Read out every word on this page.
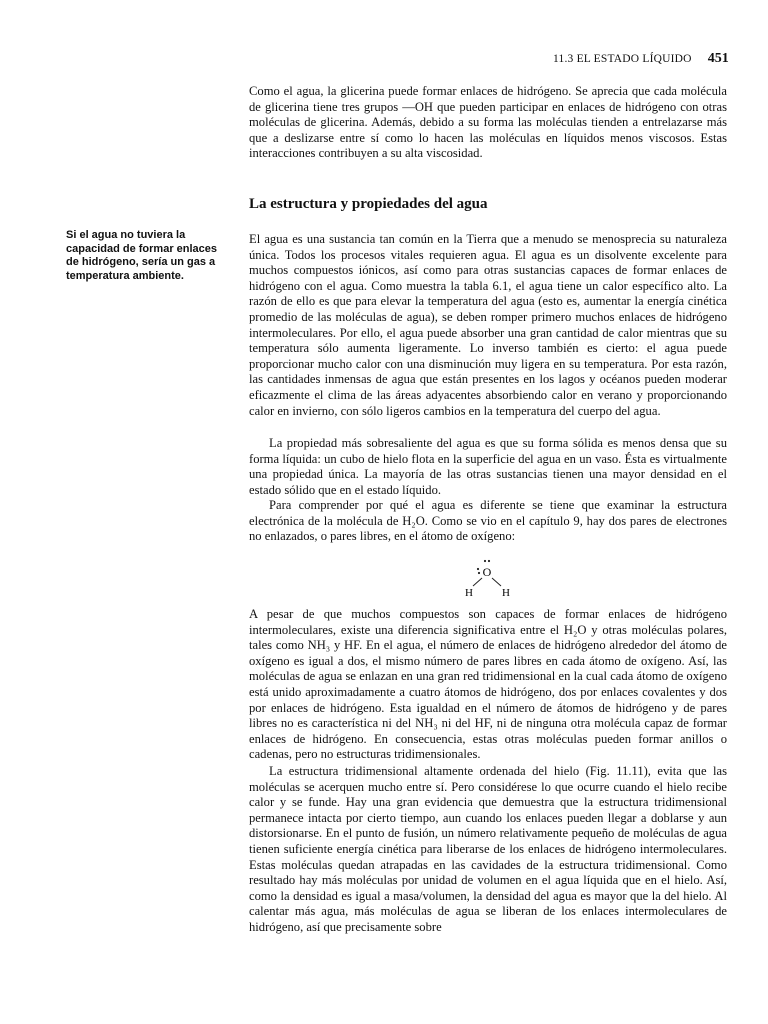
11.3 EL ESTADO LÍQUIDO 451

Como el agua, la glicerina puede formar enlaces de hidrógeno. Se aprecia que cada molécula de glicerina tiene tres grupos —OH que pueden participar en enlaces de hidrógeno con otras moléculas de glicerina. Además, debido a su forma las moléculas tienden a entrelazarse más que a deslizarse entre sí como lo hacen las moléculas en líquidos menos viscosos. Estas interacciones contribuyen a su alta viscosidad.

La estructura y propiedades del agua

Si el agua no tuviera la capacidad de formar enlaces de hidrógeno, sería un gas a temperatura ambiente.

El agua es una sustancia tan común en la Tierra que a menudo se menosprecia su naturaleza única. Todos los procesos vitales requieren agua. El agua es un disolvente excelente para muchos compuestos iónicos, así como para otras sustancias capaces de formar enlaces de hidrógeno con el agua. Como muestra la tabla 6.1, el agua tiene un calor específico alto. La razón de ello es que para elevar la temperatura del agua (esto es, aumentar la energía cinética promedio de las moléculas de agua), se deben romper primero muchos enlaces de hidrógeno intermoleculares. Por ello, el agua puede absorber una gran cantidad de calor mientras que su temperatura sólo aumenta ligeramente. Lo inverso también es cierto: el agua puede proporcionar mucho calor con una disminución muy ligera en su temperatura. Por esta razón, las cantidades inmensas de agua que están presentes en los lagos y océanos pueden moderar eficazmente el clima de las áreas adyacentes absorbiendo calor en verano y proporcionando calor en invierno, con sólo ligeros cambios en la temperatura del cuerpo del agua.

La propiedad más sobresaliente del agua es que su forma sólida es menos densa que su forma líquida: un cubo de hielo flota en la superficie del agua en un vaso. Ésta es virtualmente una propiedad única. La mayoría de las otras sustancias tienen una mayor densidad en el estado sólido que en el estado líquido.

Para comprender por qué el agua es diferente se tiene que examinar la estructura electrónica de la molécula de H₂O. Como se vio en el capítulo 9, hay dos pares de electrones no enlazados, o pares libres, en el átomo de oxígeno:

O
H	H

A pesar de que muchos compuestos son capaces de formar enlaces de hidrógeno intermoleculares, existe una diferencia significativa entre el H₂O y otras moléculas polares, tales como NH₃ y HF. En el agua, el número de enlaces de hidrógeno alrededor del átomo de oxígeno es igual a dos, el mismo número de pares libres en cada átomo de oxígeno. Así, las moléculas de agua se enlazan en una gran red tridimensional en la cual cada átomo de oxígeno está unido aproximadamente a cuatro átomos de hidrógeno, dos por enlaces covalentes y dos por enlaces de hidrógeno. Esta igualdad en el número de átomos de hidrógeno y de pares libres no es característica ni del NH₃ ni del HF, ni de ninguna otra molécula capaz de formar enlaces de hidrógeno. En consecuencia, estas otras moléculas pueden formar anillos o cadenas, pero no estructuras tridimensionales.

La estructura tridimensional altamente ordenada del hielo (Fig. 11.11), evita que las moléculas se acerquen mucho entre sí. Pero considérese lo que ocurre cuando el hielo recibe calor y se funde. Hay una gran evidencia que demuestra que la estructura tridimensional permanece intacta por cierto tiempo, aun cuando los enlaces pueden llegar a doblarse y aun distorsionarse. En el punto de fusión, un número relativamente pequeño de moléculas de agua tienen suficiente energía cinética para liberarse de los enlaces de hidrógeno intermoleculares. Estas moléculas quedan atrapadas en las cavidades de la estructura tridimensional. Como resultado hay más moléculas por unidad de volumen en el agua líquida que en el hielo. Así, como la densidad es igual a masa/volumen, la densidad del agua es mayor que la del hielo. Al calentar más agua, más moléculas de agua se liberan de los enlaces intermoleculares de hidrógeno, así que precisamente sobre
